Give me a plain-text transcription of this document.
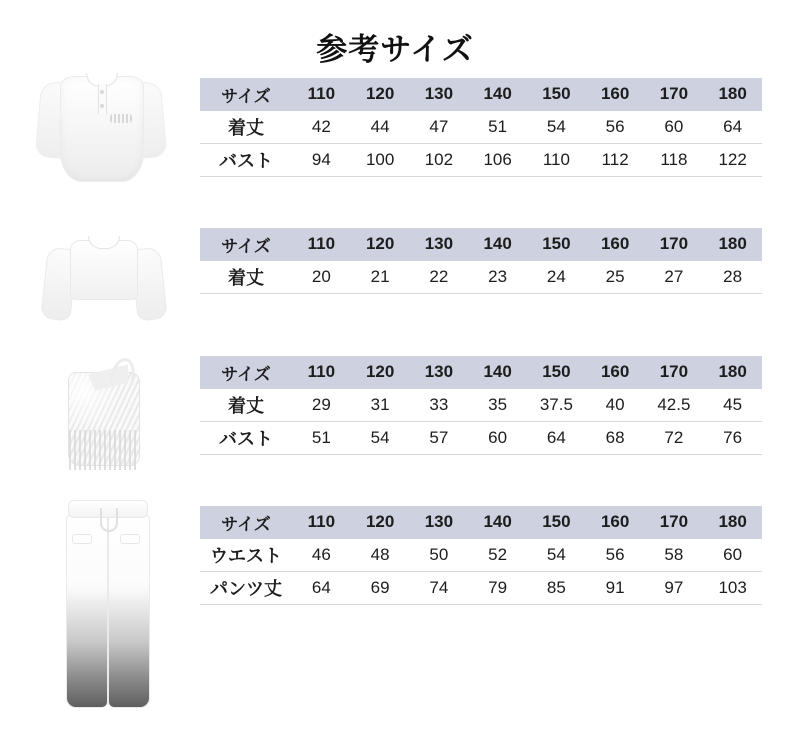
参考サイズ
サイズ	110	120	130	140	150	160	170	180
着丈	42	44	47	51	54	56	60	64
バスト	94	100	102	106	110	112	118	122
サイズ	110	120	130	140	150	160	170	180
着丈	20	21	22	23	24	25	27	28
サイズ	110	120	130	140	150	160	170	180
着丈	29	31	33	35	37.5	40	42.5	45
バスト	51	54	57	60	64	68	72	76
サイズ	110	120	130	140	150	160	170	180
ウエスト	46	48	50	52	54	56	58	60
パンツ丈	64	69	74	79	85	91	97	103
